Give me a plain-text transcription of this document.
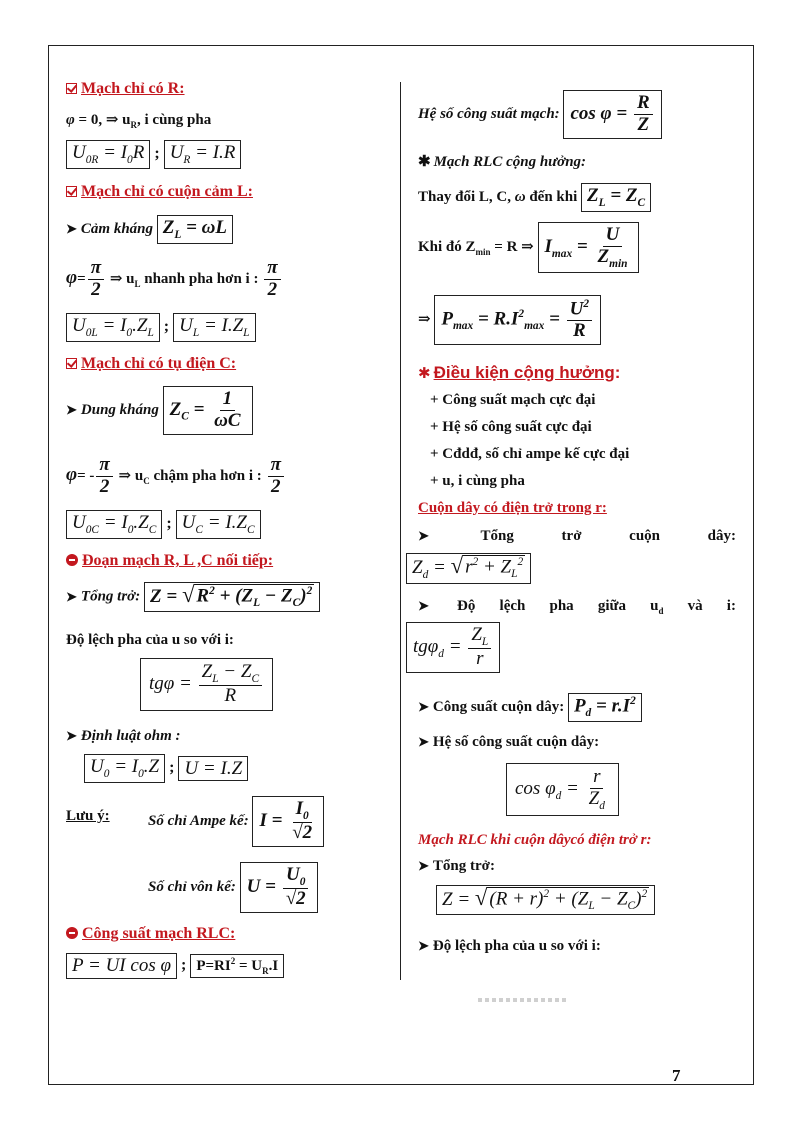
Mạch chỉ có R:
φ = 0, ⇒ $u_R$, i cùng pha
$U_{0R} = I_0R$ ; $U_R = I.R$
Mạch chỉ có cuộn cảm L:
➤ Cảm kháng $Z_L = \omega L$
$\varphi= \frac{\pi}{2}$ ⇒ $u_L$ nhanh pha hơn i : $\frac{\pi}{2}$
$U_{0L} = I_0.Z_L$ ; $U_L = I.Z_L$
Mạch chỉ có tụ điện C:
➤ Dung kháng $Z_C = \frac{1}{\omega C}$
$\varphi= - \frac{\pi}{2}$ ⇒ $u_C$ chậm pha hơn i : $\frac{\pi}{2}$
$U_{0C} = I_0.Z_C$ ; $U_C = I.Z_C$
Đoạn mạch R, L ,C nối tiếp:
➤ Tổng trở: Z = √ $R^2 + (Z_L - Z_C)^2$
Độ lệch pha của u so với i:
$tg\varphi = \frac{Z_L - Z_C}{R}$
➤ Định luật ohm :
$U_0 = I_0.Z$ ; U = I.Z
Lưu ý:	Số chỉ Ampe kế: $I = \frac{I_0}{√2}$
Số chỉ vôn kế: $U = \frac{U_0}{√2}$
Công suất mạch RLC:
P = UI cos φ ; $P=RI^2 = U_R.I$
Hệ số công suất mạch: $\cos \varphi = \frac{R}{Z}$
✱ Mạch RLC cộng hưởng:
Thay đổi L, C, ω đến khi $Z_L = Z_C$
Khi đó $Z_{min} = R$ ⇒ $I_{max} = \frac{U}{Z_{min}}$
⇒ $P_{max} = R.I^2_{max} = \frac{U^2}{R}$
✱ Điều kiện cộng hưởng:
+ Công suất mạch cực đại
+ Hệ số công suất cực đại
+ Cđdđ, số chỉ ampe kế cực đại
+ u, i cùng pha
Cuộn dây có điện trở trong r:
➤	Tổng	trở	cuộn	dây:
$Z_d$ = √ $r^2 + Z_L^2$
➤ Độ lệch pha giữa $u_d$ và i:
$tg\varphi_d = \frac{Z_L}{r}$
➤ Công suất cuộn dây: $P_d = r.I^2$
➤ Hệ số công suất cuộn dây:
$\cos \varphi_d = \frac{r}{Z_d}$
Mạch RLC khi cuộn dâycó điện trở r:
➤ Tổng trở:
Z = √ $(R + r)^2 + (Z_L - Z_C)^2$
➤ Độ lệch pha của u so với i:
7
